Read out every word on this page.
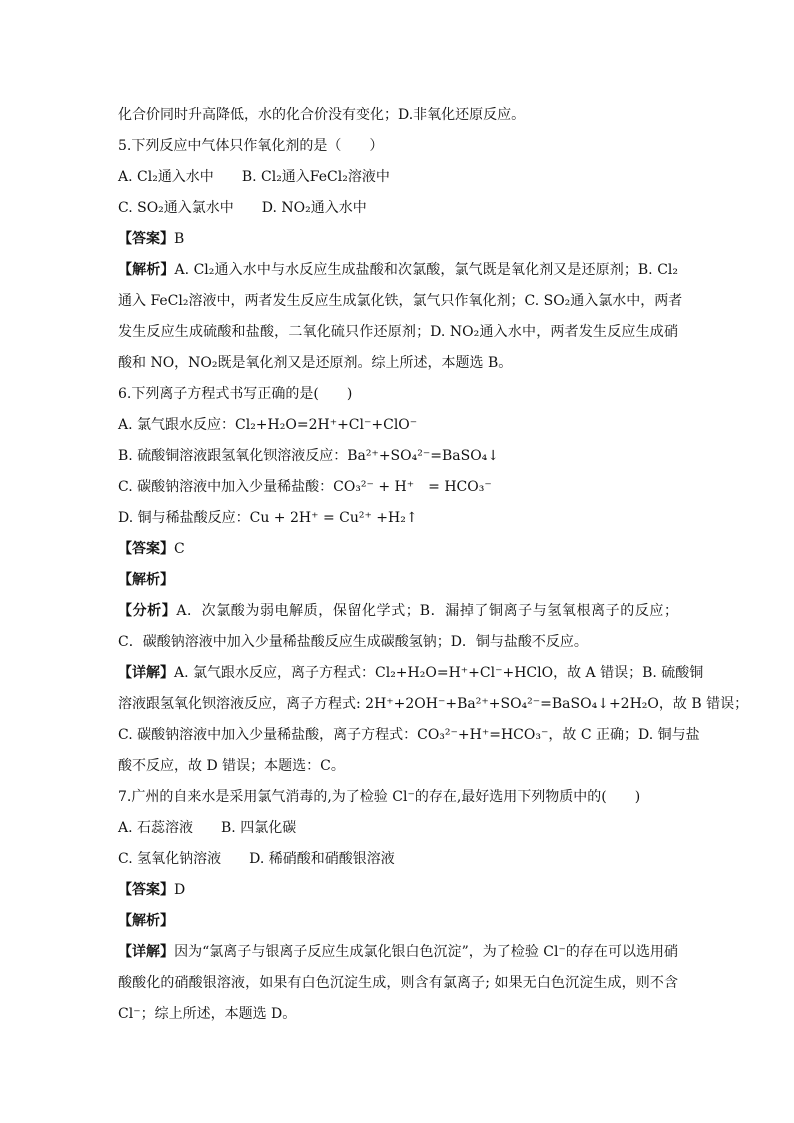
化合价同时升高降低，水的化合价没有变化；D.非氧化还原反应。
5.下列反应中气体只作氧化剂的是（　　）
A. Cl₂通入水中 B. Cl₂通入FeCl₂溶液中
C. SO₂通入氯水中 D. NO₂通入水中
【答案】B
【解析】A. Cl₂通入水中与水反应生成盐酸和次氯酸，氯气既是氧化剂又是还原剂；B. Cl₂
通入 FeCl₂溶液中，两者发生反应生成氯化铁，氯气只作氧化剂；C. SO₂通入氯水中，两者
发生反应生成硫酸和盐酸，二氧化硫只作还原剂；D. NO₂通入水中，两者发生反应生成硝
酸和 NO，NO₂既是氧化剂又是还原剂。综上所述，本题选 B。
6.下列离子方程式书写正确的是(　　)
A. 氯气跟水反应：Cl₂+H₂O=2H⁺+Cl⁻+ClO⁻
B. 硫酸铜溶液跟氢氧化钡溶液反应：Ba²⁺+SO₄²⁻=BaSO₄↓
C. 碳酸钠溶液中加入少量稀盐酸：CO₃²⁻ + H⁺　= HCO₃⁻
D. 铜与稀盐酸反应：Cu + 2H⁺ = Cu²⁺ +H₂↑
【答案】C
【解析】
【分析】A．次氯酸为弱电解质，保留化学式；B．漏掉了铜离子与氢氧根离子的反应；
C．碳酸钠溶液中加入少量稀盐酸反应生成碳酸氢钠；D．铜与盐酸不反应。
【详解】A. 氯气跟水反应，离子方程式：Cl₂+H₂O=H⁺+Cl⁻+HClO，故 A 错误；B. 硫酸铜
溶液跟氢氧化钡溶液反应，离子方程式: 2H⁺+2OH⁻+Ba²⁺+SO₄²⁻=BaSO₄↓+2H₂O，故 B 错误；
C. 碳酸钠溶液中加入少量稀盐酸，离子方程式：CO₃²⁻+H⁺=HCO₃⁻，故 C 正确；D. 铜与盐
酸不反应，故 D 错误；本题选：C。
7.广州的自来水是采用氯气消毒的,为了检验 Cl⁻的存在,最好选用下列物质中的(　　)
A. 石蕊溶液 B. 四氯化碳
C. 氢氧化钠溶液 D. 稀硝酸和硝酸银溶液
【答案】D
【解析】
【详解】因为“氯离子与银离子反应生成氯化银白色沉淀”，为了检验 Cl⁻的存在可以选用硝
酸酸化的硝酸银溶液，如果有白色沉淀生成，则含有氯离子; 如果无白色沉淀生成，则不含
Cl⁻；综上所述，本题选 D。
